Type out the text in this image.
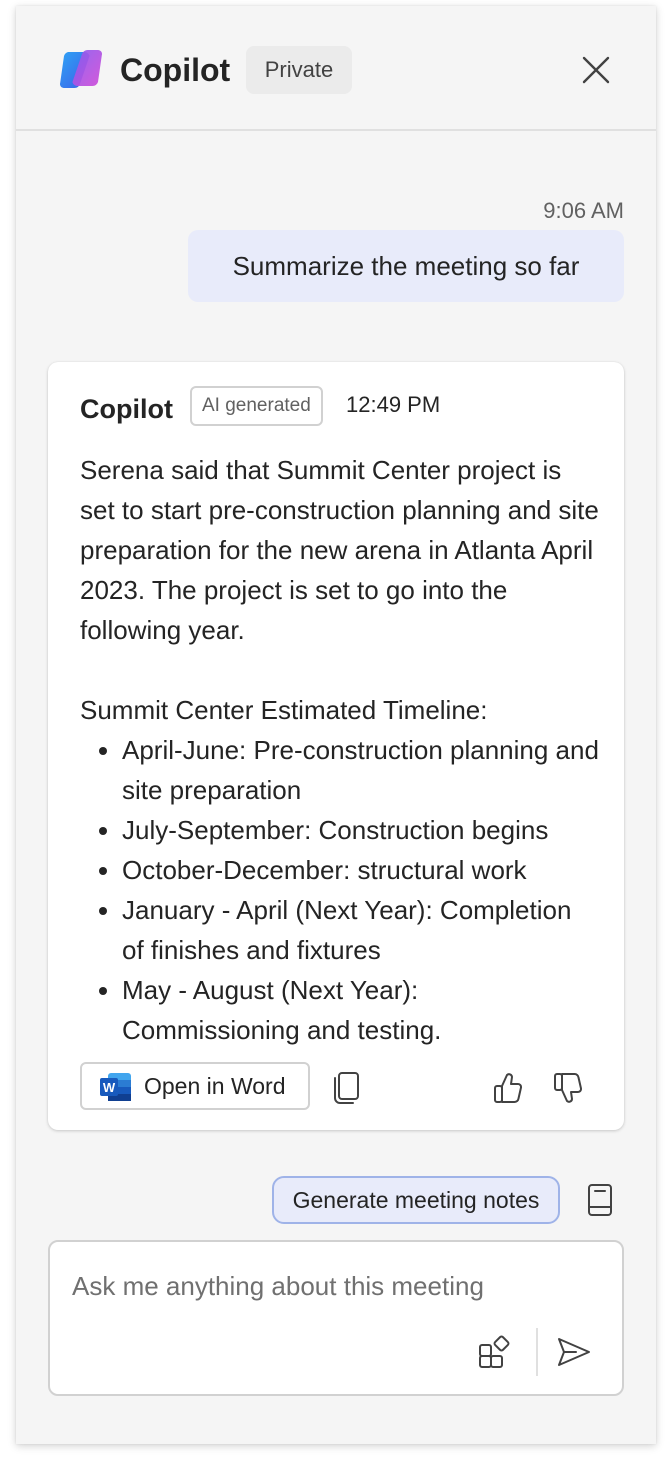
Copilot	Private
9:06 AM
Summarize the meeting so far
Copilot	AI generated	12:49 PM

Serena said that Summit Center project is set to start pre-construction planning and site preparation for the new arena in Atlanta April 2023. The project is set to go into the following year.

Summit Center Estimated Timeline:

• April-June: Pre-construction planning and site preparation
• July-September: Construction begins
• October-December: structural work
• January - April (Next Year): Completion of finishes and fixtures
• May - August (Next Year): Commissioning and testing.
W Open in Word
Generate meeting notes
Ask me anything about this meeting
